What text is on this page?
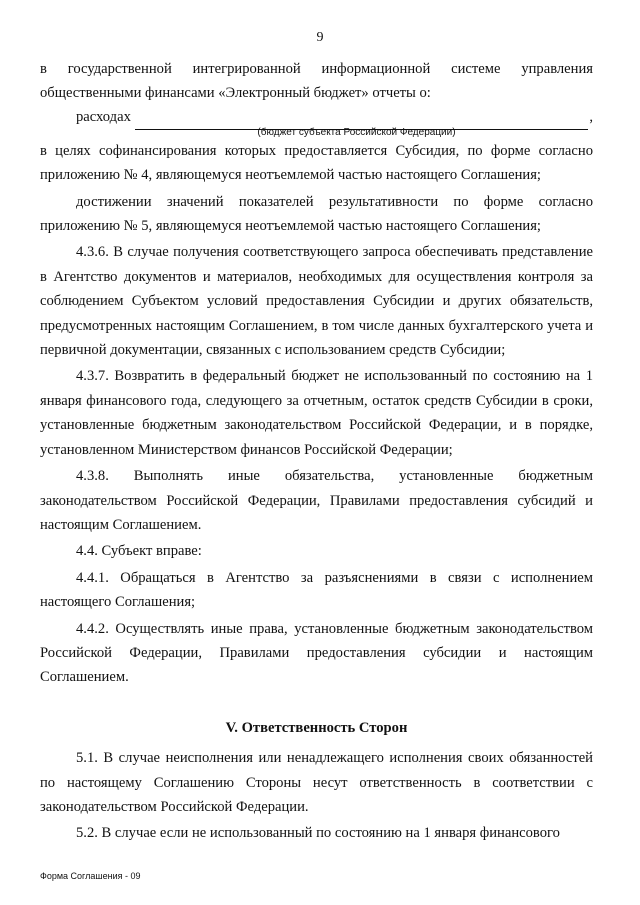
9

в государственной интегрированной информационной системе управления

общественными финансами «Электронный бюджет» отчеты о:

расходах	,
(бюджет субъекта Российской Федерации)

в целях софинансирования которых предоставляется Субсидия, по форме согласно

приложению № 4, являющемуся неотъемлемой частью настоящего Соглашения;

достижении значений показателей результативности по форме согласно

приложению № 5, являющемуся неотъемлемой частью настоящего Соглашения;

4.3.6. В случае получения соответствующего запроса обеспечивать представление в Агентство документов и материалов, необходимых для осуществления контроля за соблюдением Субъектом условий предоставления Субсидии и других обязательств, предусмотренных настоящим Соглашением, в том числе данных бухгалтерского учета и первичной документации, связанных с использованием средств Субсидии;

4.3.7. Возвратить в федеральный бюджет не использованный по состоянию на 1 января финансового года, следующего за отчетным, остаток средств Субсидии в сроки, установленные бюджетным законодательством Российской Федерации, и в порядке, установленном Министерством финансов Российской Федерации;

4.3.8. Выполнять иные обязательства, установленные бюджетным законодательством Российской Федерации, Правилами предоставления субсидий и настоящим Соглашением.

4.4. Субъект вправе:

4.4.1. Обращаться в Агентство за разъяснениями в связи с исполнением настоящего Соглашения;

4.4.2. Осуществлять иные права, установленные бюджетным законодательством Российской Федерации, Правилами предоставления субсидии и настоящим Соглашением.

V. Ответственность Сторон

5.1. В случае неисполнения или ненадлежащего исполнения своих обязанностей по настоящему Соглашению Стороны несут ответственность в соответствии с законодательством Российской Федерации.

5.2. В случае если не использованный по состоянию на 1 января финансового

Форма Соглашения - 09
